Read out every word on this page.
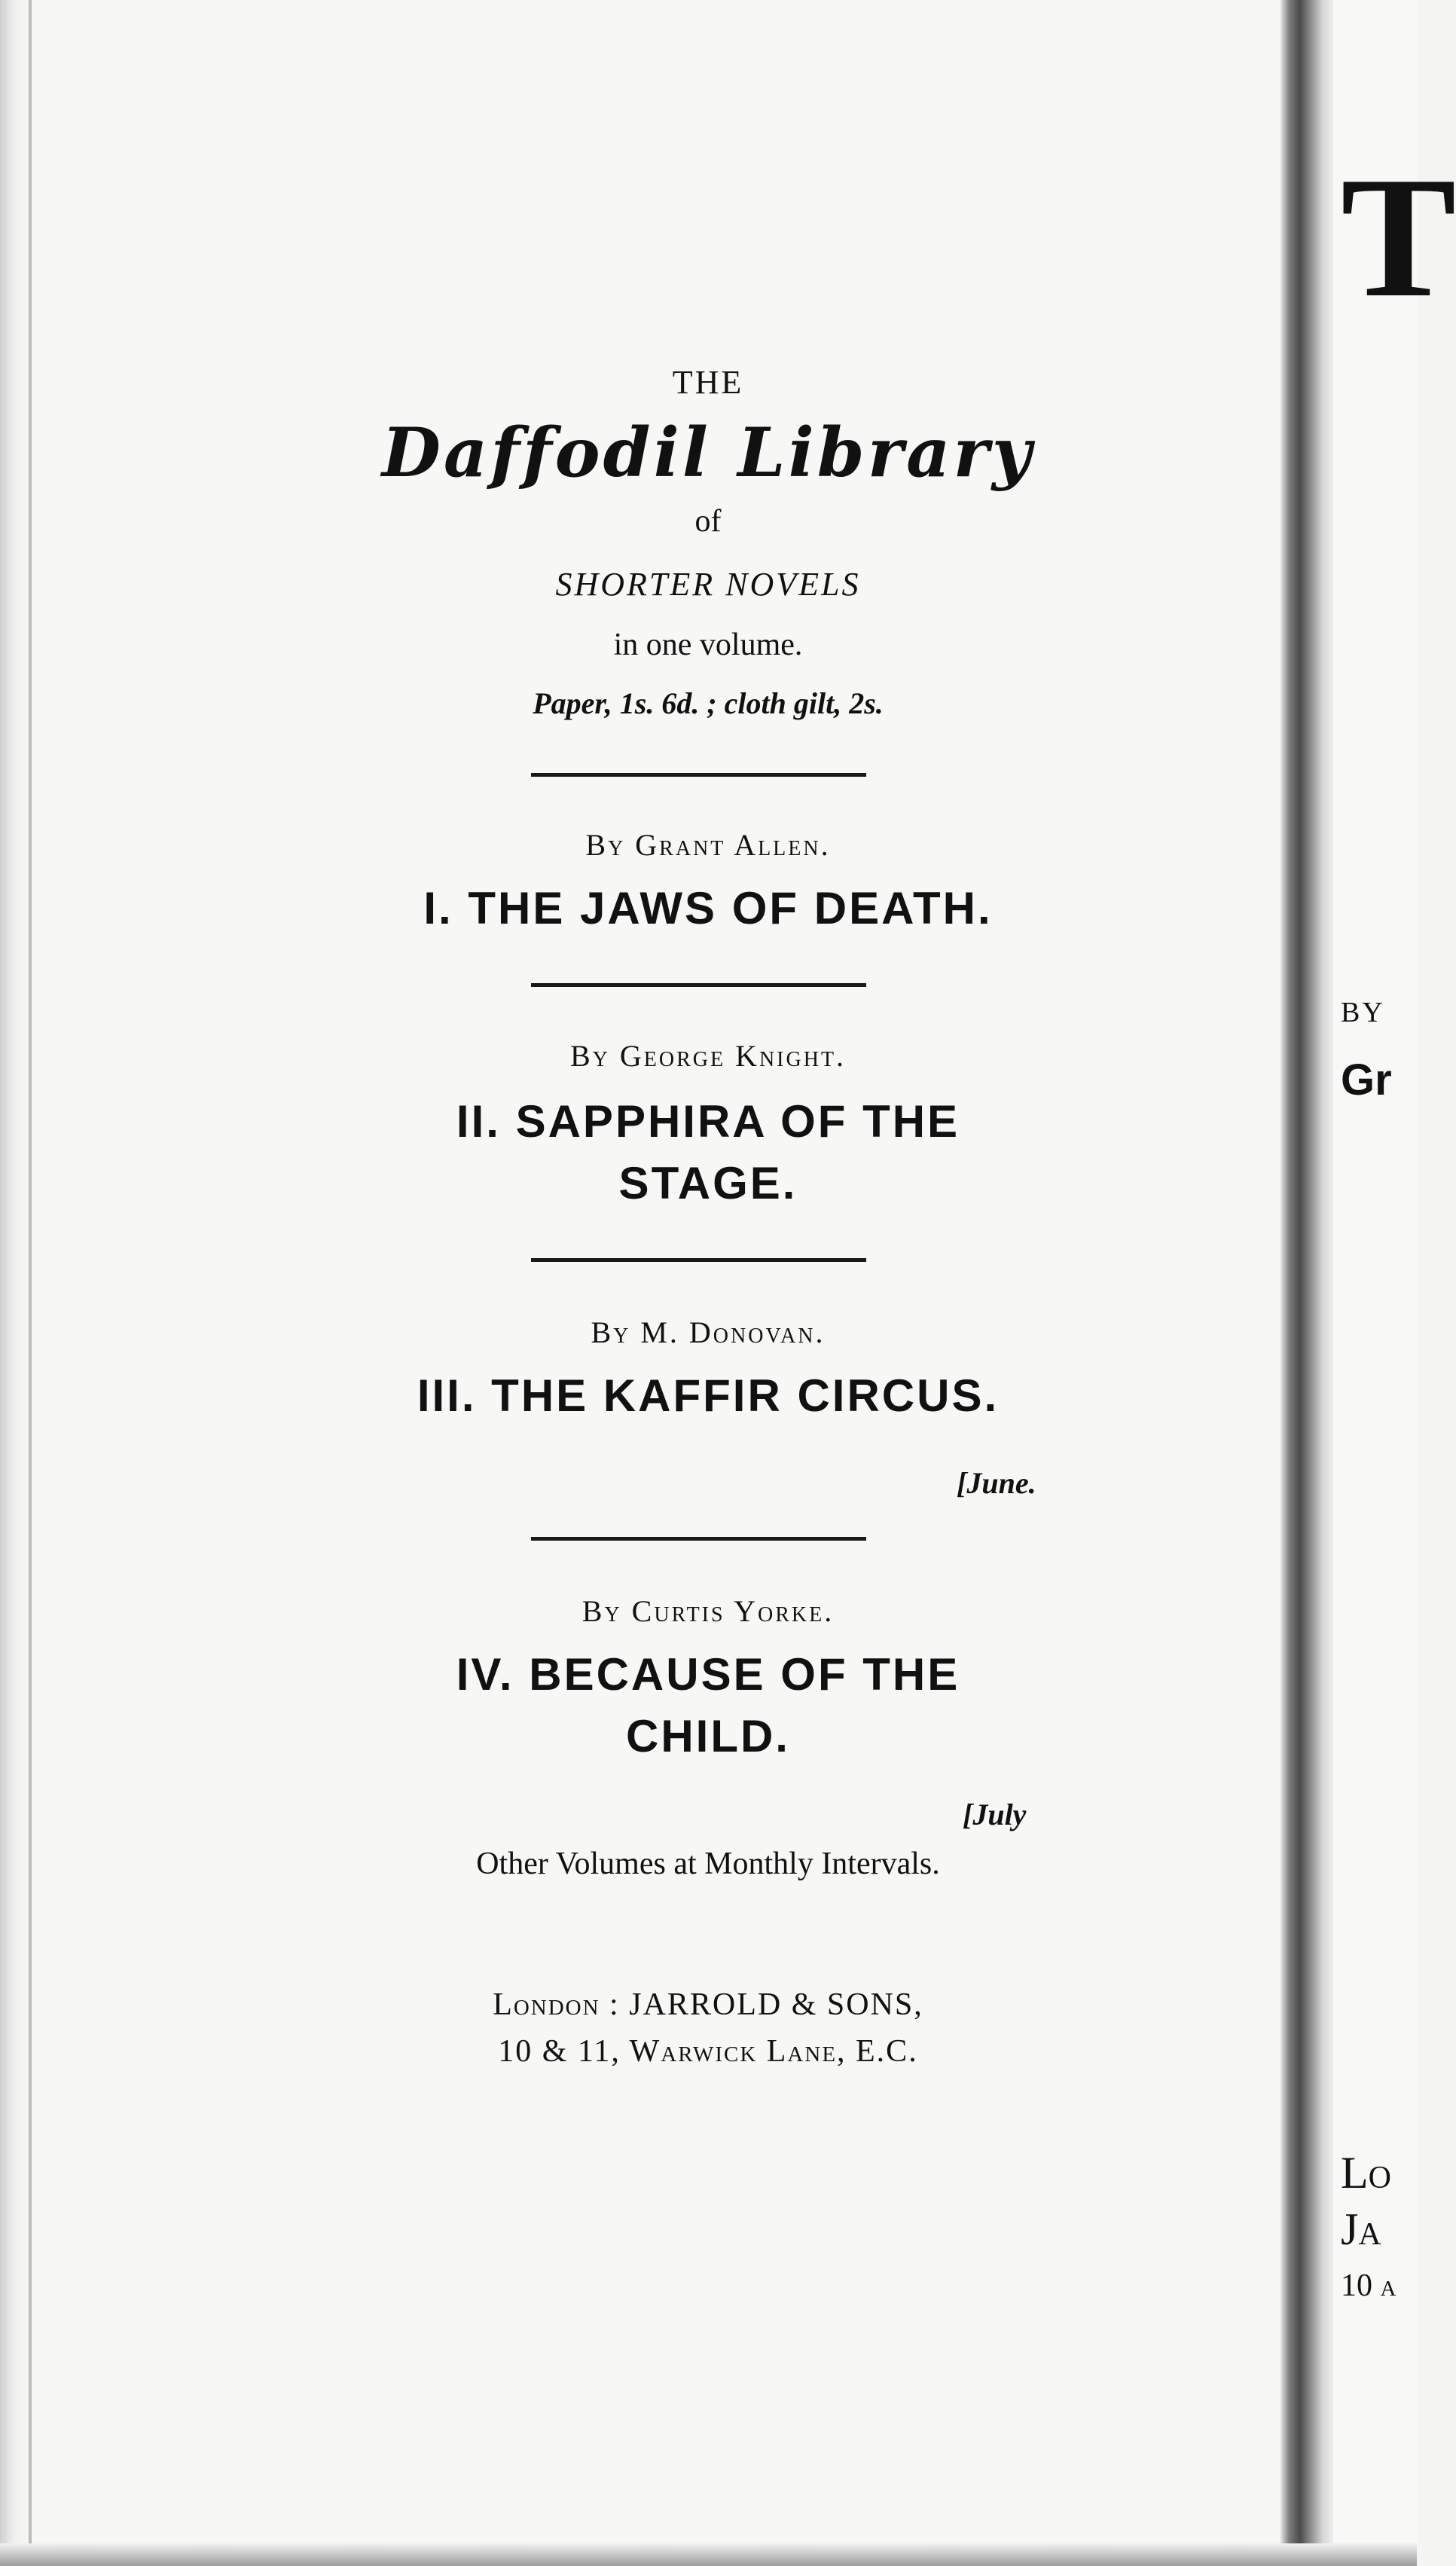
THE
Daffodil Library
of
SHORTER NOVELS
in one volume.
Paper, 1s. 6d. ; cloth gilt, 2s.
By Grant Allen.
I. THE JAWS OF DEATH.
By George Knight.
II. SAPPHIRA OF THE
STAGE.
By M. Donovan.
III. THE KAFFIR CIRCUS.
[June.
By Curtis Yorke.
IV. BECAUSE OF THE
CHILD.
[July
Other Volumes at Monthly Intervals.
London : JARROLD & SONS,
10 & 11, Warwick Lane, E.C.
T
BY
Gr
Lo
Ja
10 a
